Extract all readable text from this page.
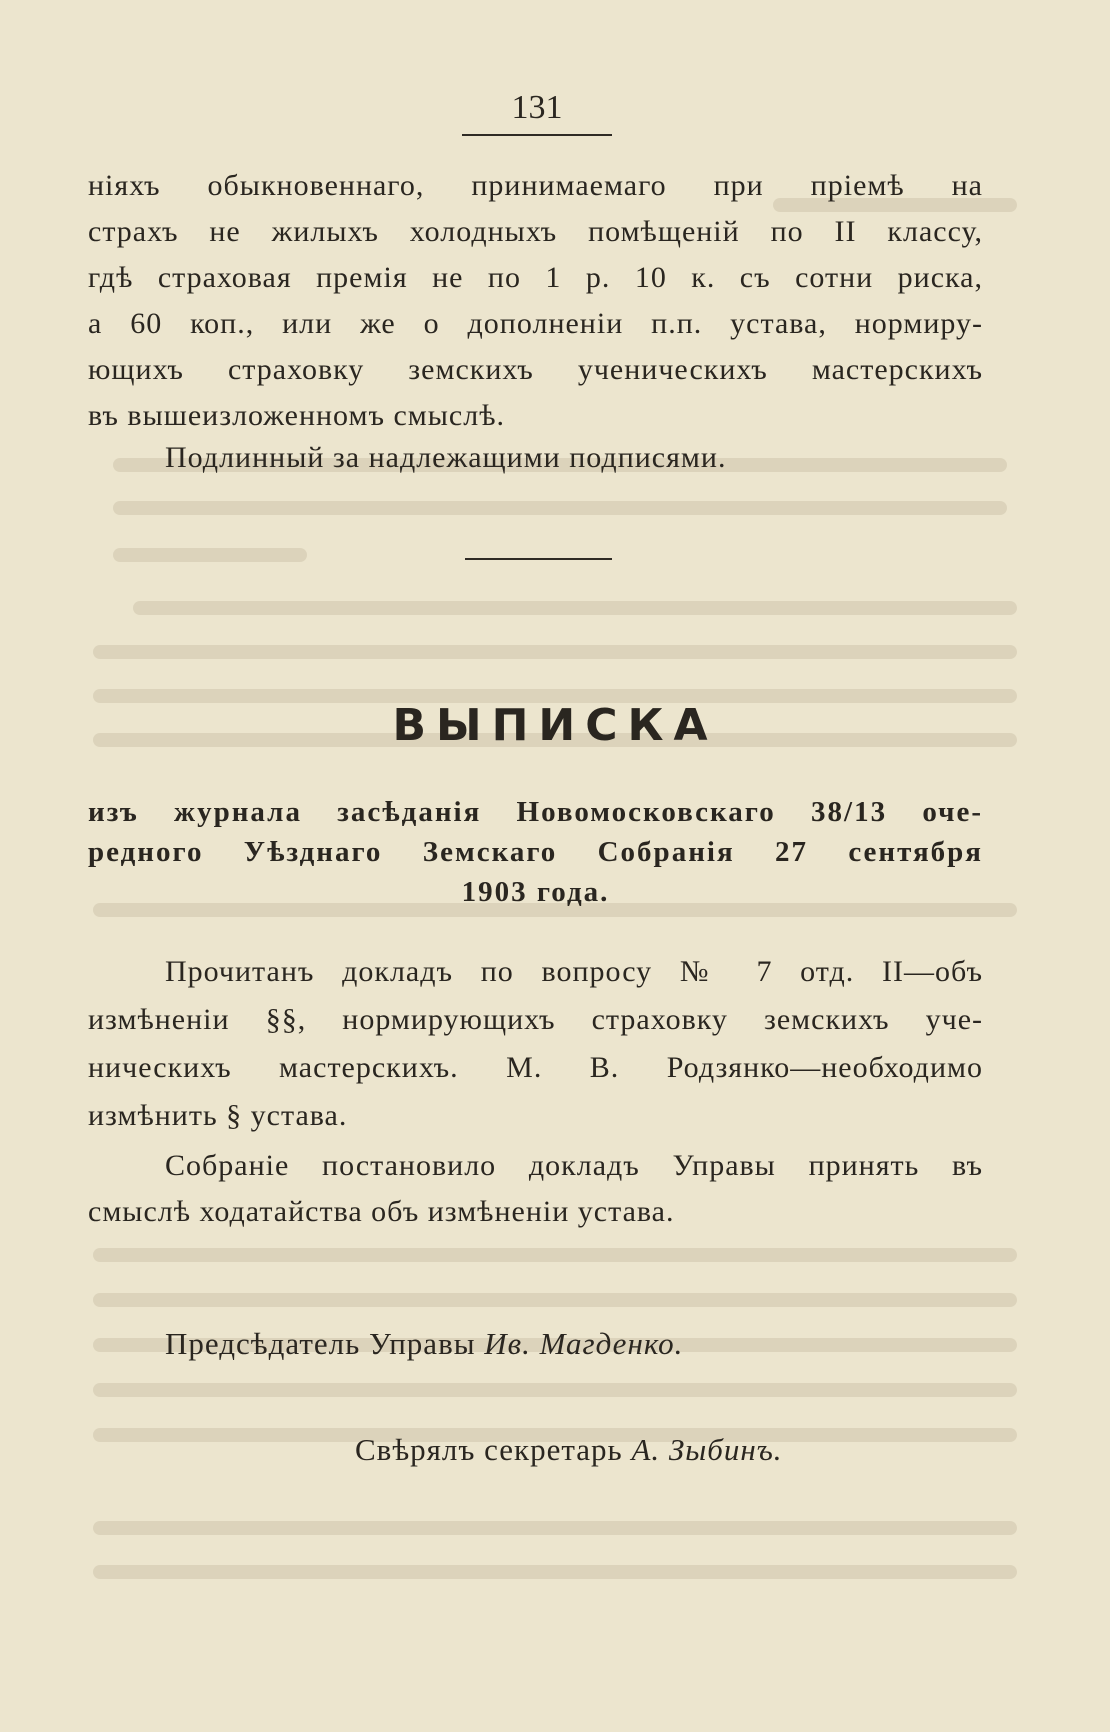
131
ніяхъ обыкновеннаго, принимаемаго при пріемѣ на
страхъ не жилыхъ холодныхъ помѣщеній по II классу,
гдѣ страховая премія не по 1 р. 10 к. съ сотни риска,
а 60 коп., или же о дополненіи п.п. устава, нормиру-
ющихъ страховку земскихъ ученическихъ мастерскихъ
въ вышеизложенномъ смыслѣ.
Подлинный за надлежащими подписями.
ВЫПИСКА
изъ журнала засѣданія Новомосковскаго 38/13 оче-
редного Уѣзднаго Земскаго Собранія 27 сентября
1903 года.
Прочитанъ докладъ по вопросу № 7 отд. II—объ
измѣненіи §§, нормирующихъ страховку земскихъ уче-
ническихъ мастерскихъ. М. В. Родзянко—необходимо
измѣнить § устава.
Собраніе постановило докладъ Управы принять въ
смыслѣ ходатайства объ измѣненіи устава.
Предсѣдатель Управы Ив. Магденко.
Свѣрялъ секретарь А. Зыбинъ.
